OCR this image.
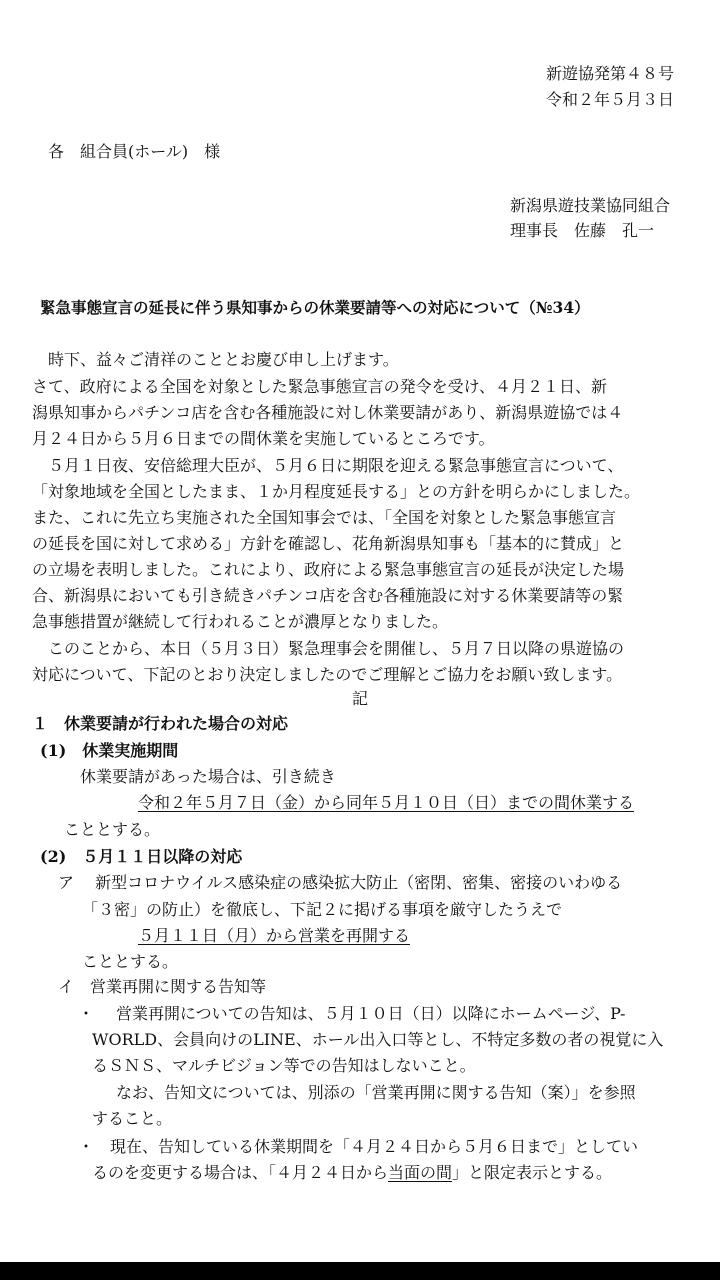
新遊協発第４８号
令和２年５月３日
各　組合員(ホール)　様
新潟県遊技業協同組合
理事長　佐藤　孔一
緊急事態宣言の延長に伴う県知事からの休業要請等への対応について（№34）
時下、益々ご清祥のこととお慶び申し上げます。
さて、政府による全国を対象とした緊急事態宣言の発令を受け、４月２１日、新
潟県知事からパチンコ店を含む各種施設に対し休業要請があり、新潟県遊協では４
月２４日から５月６日までの間休業を実施しているところです。
５月１日夜、安倍総理大臣が、５月６日に期限を迎える緊急事態宣言について、
「対象地域を全国としたまま、１か月程度延長する」との方針を明らかにしました。
また、これに先立ち実施された全国知事会では、「全国を対象とした緊急事態宣言
の延長を国に対して求める」方針を確認し、花角新潟県知事も「基本的に賛成」と
の立場を表明しました。これにより、政府による緊急事態宣言の延長が決定した場
合、新潟県においても引き続きパチンコ店を含む各種施設に対する休業要請等の緊
急事態措置が継続して行われることが濃厚となりました。
このことから、本日（５月３日）緊急理事会を開催し、５月７日以降の県遊協の
対応について、下記のとおり決定しましたのでご理解とご協力をお願い致します。
記
１　休業要請が行われた場合の対応
(1)　休業実施期間
休業要請があった場合は、引き続き
令和２年５月７日（金）から同年５月１０日（日）までの間休業する
こととする。
(2)　５月１１日以降の対応
ア　 新型コロナウイルス感染症の感染拡大防止（密閉、密集、密接のいわゆる
「３密」の防止）を徹底し、下記２に掲げる事項を厳守したうえで
５月１１日（月）から営業を再開する
こととする。
イ　営業再開に関する告知等
・ 営業再開についての告知は、５月１０日（日）以降にホームページ、P-
WORLD、会員向けのLINE、ホール出入口等とし、不特定多数の者の視覚に入
るＳＮＳ、マルチビジョン等での告知はしないこと。
なお、告知文については、別添の「営業再開に関する告知（案）」を参照
すること。
・ 現在、告知している休業期間を「４月２４日から５月６日まで」としてい
るのを変更する場合は、「４月２４日から当面の間」と限定表示とする。
